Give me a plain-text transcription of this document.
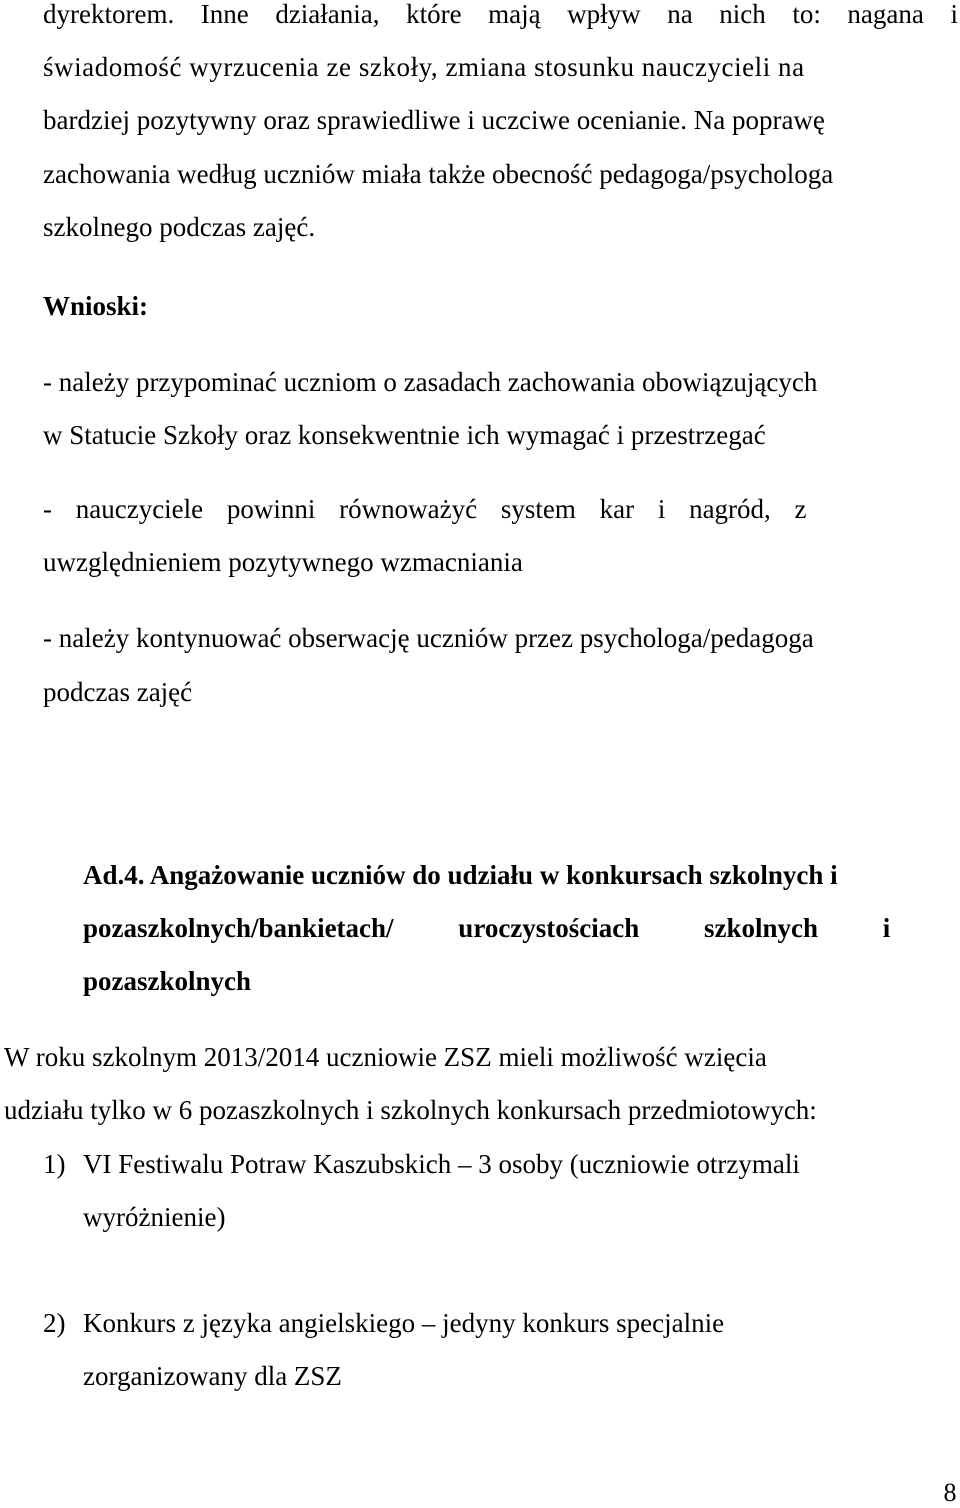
dyrektorem. Inne działania, które mają wpływ na nich to: nagana i
świadomość wyrzucenia ze szkoły, zmiana stosunku nauczycieli na
bardziej pozytywny oraz sprawiedliwe i uczciwe ocenianie. Na poprawę
zachowania według uczniów miała także obecność pedagoga/psychologa
szkolnego podczas zajęć.
Wnioski:
- należy przypominać uczniom o zasadach zachowania obowiązujących
w Statucie Szkoły oraz konsekwentnie ich wymagać i przestrzegać
- nauczyciele powinni równoważyć system kar i nagród, z
uwzględnieniem pozytywnego wzmacniania
- należy kontynuować obserwację uczniów przez psychologa/pedagoga
podczas zajęć
Ad.4. Angażowanie uczniów do udziału w konkursach szkolnych i
pozaszkolnych/bankietach/ uroczystościach szkolnych i
pozaszkolnych
W roku szkolnym 2013/2014 uczniowie ZSZ mieli możliwość wzięcia
udziału tylko w 6 pozaszkolnych i szkolnych konkursach przedmiotowych:
1) VI Festiwalu Potraw Kaszubskich – 3 osoby (uczniowie otrzymali
wyróżnienie)
2) Konkurs z języka angielskiego – jedyny konkurs specjalnie
zorganizowany dla ZSZ
8
